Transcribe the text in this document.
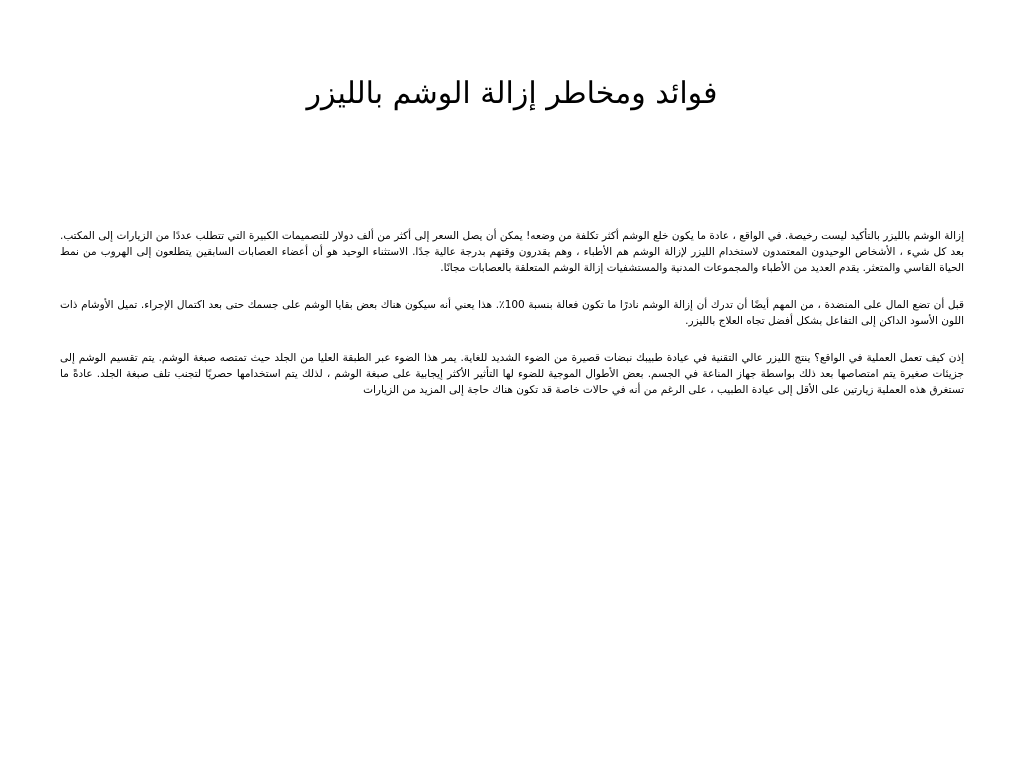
فوائد ومخاطر إزالة الوشم بالليزر

إزالة الوشم بالليزر بالتأكيد ليست رخيصة. في الواقع ، عادة ما يكون خلع الوشم أكثر تكلفة من وضعه! يمكن أن يصل السعر إلى أكثر من ألف دولار للتصميمات الكبيرة التي تتطلب عددًا من الزيارات إلى المكتب. بعد كل شيء ، الأشخاص الوحيدون المعتمدون لاستخدام الليزر لإزالة الوشم هم الأطباء ، وهم يقدرون وقتهم بدرجة عالية جدًا. الاستثناء الوحيد هو أن أعضاء العصابات السابقين يتطلعون إلى الهروب من نمط الحياة القاسي والمتعثر. يقدم العديد من الأطباء والمجموعات المدنية والمستشفيات إزالة الوشم المتعلقة بالعصابات مجانًا.

قبل أن تضع المال على المنضدة ، من المهم أيضًا أن تدرك أن إزالة الوشم نادرًا ما تكون فعالة بنسبة 100٪. هذا يعني أنه سيكون هناك بعض بقايا الوشم على جسمك حتى بعد اكتمال الإجراء. تميل الأوشام ذات اللون الأسود الداكن إلى التفاعل بشكل أفضل تجاه العلاج بالليزر.

إذن كيف تعمل العملية في الواقع؟ ينتج الليزر عالي التقنية في عيادة طبيبك نبضات قصيرة من الضوء الشديد للغاية. يمر هذا الضوء عبر الطبقة العليا من الجلد حيث تمتصه صبغة الوشم. يتم تقسيم الوشم إلى جزيئات صغيرة يتم امتصاصها بعد ذلك بواسطة جهاز المناعة في الجسم. بعض الأطوال الموجية للضوء لها التأثير الأكثر إيجابية على صبغة الوشم ، لذلك يتم استخدامها حصريًا لتجنب تلف صبغة الجلد. عادةً ما تستغرق هذه العملية زيارتين على الأقل إلى عيادة الطبيب ، على الرغم من أنه في حالات خاصة قد تكون هناك حاجة إلى المزيد من الزيارات
